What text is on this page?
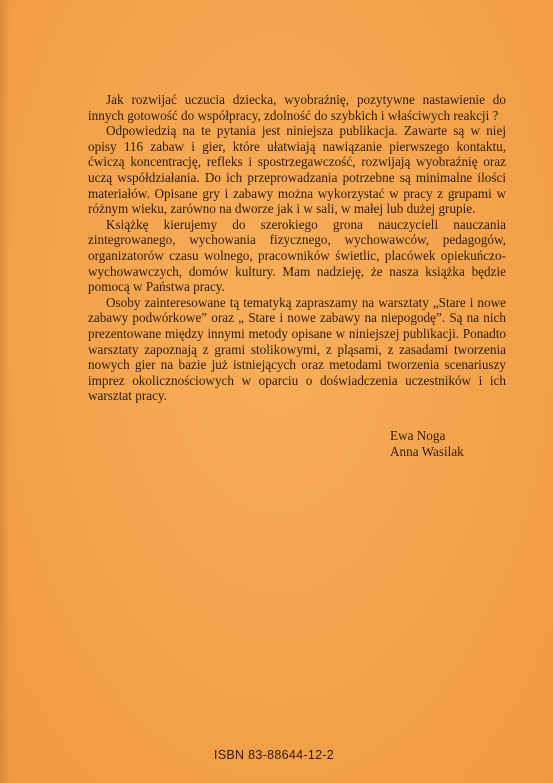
Jak rozwijać uczucia dziecka, wyobraźnię, pozytywne nastawienie do innych gotowość do współpracy, zdolność do szybkich i właściwych reakcji ?

Odpowiedzią na te pytania jest niniejsza publikacja. Zawarte są w niej opisy 116 zabaw i gier, które ułatwiają nawiązanie pierwszego kontaktu, ćwiczą koncentrację, refleks i spostrzegawczość, rozwijają wyobraźnię oraz uczą współdziałania. Do ich przeprowadzania potrzebne są minimalne ilości materiałów. Opisane gry i zabawy można wykorzystać w pracy z grupami w różnym wieku, zarówno na dworze jak i w sali, w małej lub dużej grupie.

Książkę kierujemy do szerokiego grona nauczycieli nauczania zintegrowanego, wychowania fizycznego, wychowawców, pedagogów, organizatorów czasu wolnego, pracowników świetlic, placówek opiekuńczo-wychowawczych, domów kultury. Mam nadzieję, że nasza książka będzie pomocą w Państwa pracy.

Osoby zainteresowane tą tematyką zapraszamy na warsztaty „Stare i nowe zabawy podwórkowe” oraz „ Stare i nowe zabawy na niepogodę”. Są na nich prezentowane między innymi metody opisane w niniejszej publikacji. Ponadto warsztaty zapoznają z grami stolikowymi, z pląsami, z zasadami tworzenia nowych gier na bazie już istniejących oraz metodami tworzenia scenariuszy imprez okolicznościowych w oparciu o doświadczenia uczestników i ich warsztat pracy.

Ewa Noga
Anna Wasilak
ISBN 83-88644-12-2
